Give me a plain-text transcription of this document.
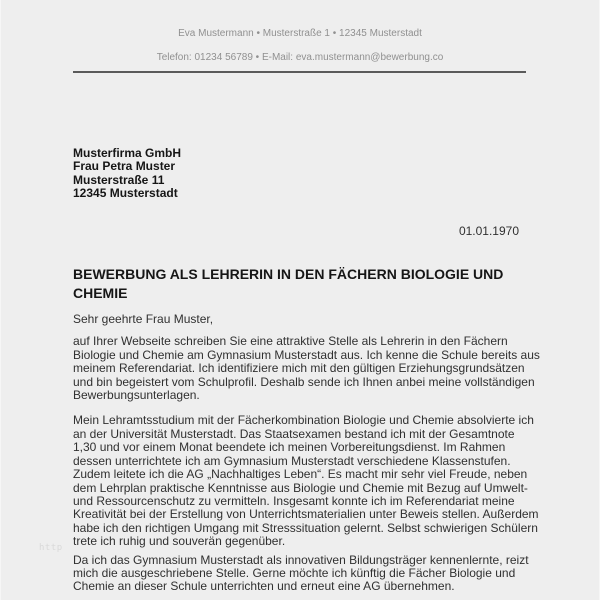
Eva Mustermann • Musterstraße 1 • 12345 Musterstadt
Telefon: 01234 56789 • E-Mail: eva.mustermann@bewerbung.co
Musterfirma GmbH
Frau Petra Muster
Musterstraße 11
12345 Musterstadt
01.01.1970
BEWERBUNG ALS LEHRERIN IN DEN FÄCHERN BIOLOGIE UND CHEMIE

Sehr geehrte Frau Muster,

auf Ihrer Webseite schreiben Sie eine attraktive Stelle als Lehrerin in den Fächern Biologie und Chemie am Gymnasium Musterstadt aus. Ich kenne die Schule bereits aus meinem Referendariat. Ich identifiziere mich mit den gültigen Erziehungsgrundsätzen und bin begeistert vom Schulprofil. Deshalb sende ich Ihnen anbei meine vollständigen Bewerbungsunterlagen.

Mein Lehramtsstudium mit der Fächerkombination Biologie und Chemie absolvierte ich an der Universität Musterstadt. Das Staatsexamen bestand ich mit der Gesamtnote 1,30 und vor einem Monat beendete ich meinen Vorbereitungsdienst. Im Rahmen dessen unterrichtete ich am Gymnasium Musterstadt verschiedene Klassenstufen. Zudem leitete ich die AG „Nachhaltiges Leben“. Es macht mir sehr viel Freude, neben dem Lehrplan praktische Kenntnisse aus Biologie und Chemie mit Bezug auf Umwelt- und Ressourcenschutz zu vermitteln. Insgesamt konnte ich im Referendariat meine Kreativität bei der Erstellung von Unterrichtsmaterialien unter Beweis stellen. Außerdem habe ich den richtigen Umgang mit Stresssituation gelernt. Selbst schwierigen Schülern trete ich ruhig und souverän gegenüber.

Da ich das Gymnasium Musterstadt als innovativen Bildungsträger kennenlernte, reizt mich die ausgeschriebene Stelle. Gerne möchte ich künftig die Fächer Biologie und Chemie an dieser Schule unterrichten und erneut eine AG übernehmen.

http
